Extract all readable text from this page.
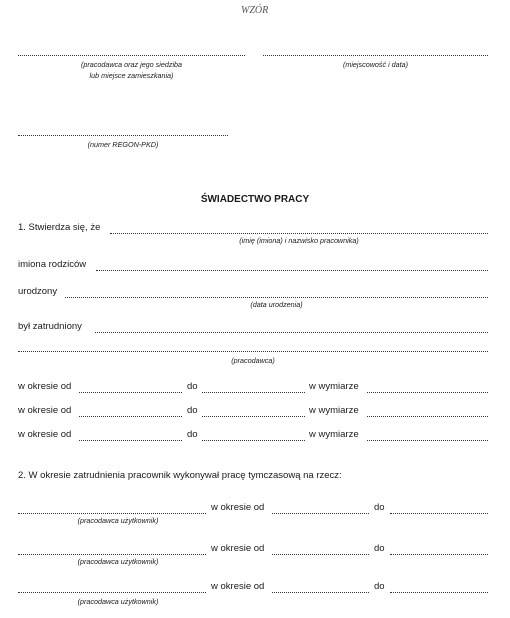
WZÓR
(pracodawca oraz jego siedziba
lub miejsce zamieszkania)
(miejscowość i data)
(numer REGON-PKD)
ŚWIADECTWO PRACY
1. Stwierdza się, że
(imię (imiona) i nazwisko pracownika)
imiona rodziców
urodzony
(data urodzenia)
był zatrudniony
(pracodawca)
w okresie od	do	w wymiarze
w okresie od	do	w wymiarze
w okresie od	do	w wymiarze
2. W okresie zatrudnienia pracownik wykonywał pracę tymczasową na rzecz:
w okresie od	do
(pracodawca użytkownik)
w okresie od	do
(pracodawca użytkownik)
w okresie od	do
(pracodawca użytkownik)
